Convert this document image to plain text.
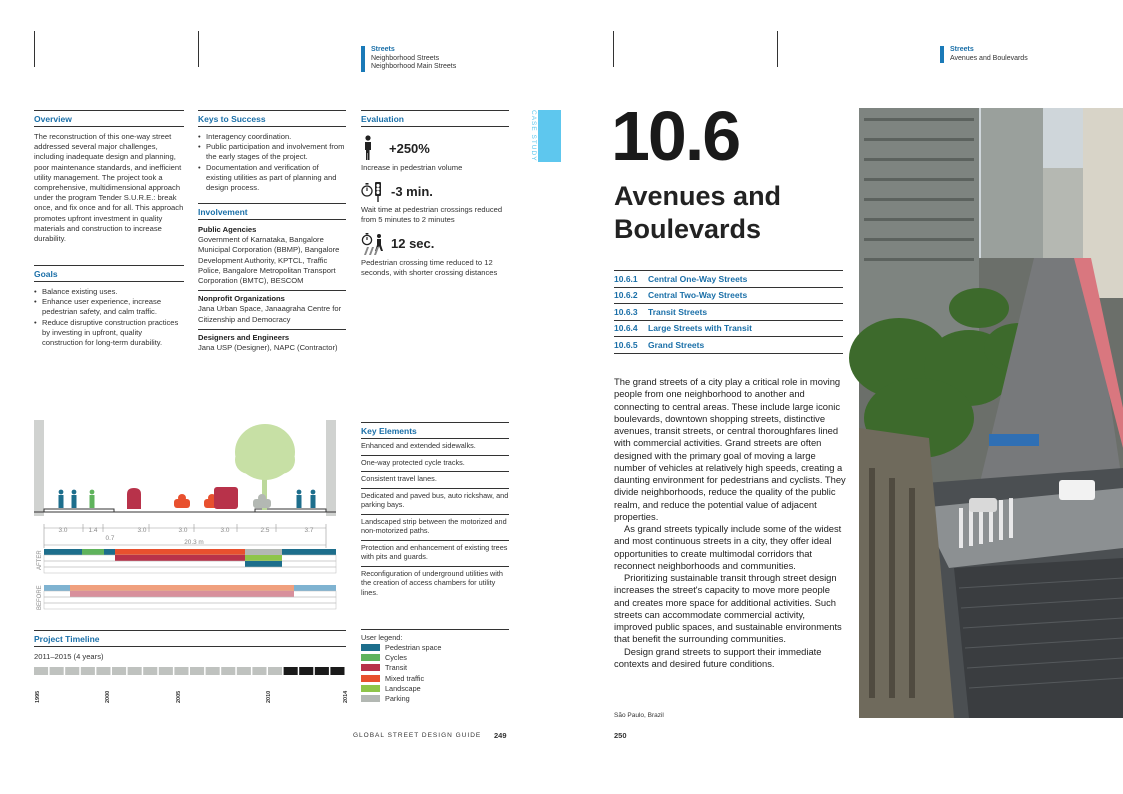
Streets
Neighborhood Streets
Neighborhood Main Streets
Streets
Avenues and Boulevards
Overview
The reconstruction of this one-way street addressed several major challenges, including inadequate design and planning, poor maintenance standards, and inefficient utility management. The project took a comprehensive, multidimensional approach under the program Tender S.U.R.E.: break once, and fix once and for all. This approach promotes upfront investment in quality materials and construction to increase durability.
Goals
• Balance existing uses.
• Enhance user experience, increase pedestrian safety, and calm traffic.
• Reduce disruptive construction practices by investing in upfront, quality construction for long-term durability.
Keys to Success
• Interagency coordination.
• Public participation and involvement from the early stages of the project.
• Documentation and verification of existing utilities as part of planning and design process.
Involvement
Public Agencies
Government of Karnataka, Bangalore Municipal Corporation (BBMP), Bangalore Development Authority, KPTCL, Traffic Police, Bangalore Metropolitan Transport Corporation (BMTC), BESCOM
Nonprofit Organizations
Jana Urban Space, Janaagraha Centre for Citizenship and Democracy
Designers and Engineers
Jana USP (Designer), NAPC (Contractor)
Evaluation
+250%
Increase in pedestrian volume
-3 min.
Wait time at pedestrian crossings reduced from 5 minutes to 2 minutes
12 sec.
Pedestrian crossing time reduced to 12 seconds, with shorter crossing distances
CASE STUDY
3.0	1.4	3.0	3.0	3.0	2.5	3.7
0.7
20.3 m
AFTER
BEFORE
Key Elements
Enhanced and extended sidewalks.
One-way protected cycle tracks.
Consistent travel lanes.
Dedicated and paved bus, auto rickshaw, and parking bays.
Landscaped strip between the motorized and non-motorized paths.
Protection and enhancement of existing trees with pits and guards.
Reconfiguration of underground utilities with the creation of access chambers for utility lines.
Project Timeline
2011–2015 (4 years)
1995	2000	2005	2010	2014
User legend:
Pedestrian space
Cycles
Transit
Mixed traffic
Landscape
Parking
GLOBAL STREET DESIGN GUIDE 249	250
10.6
Avenues and
Boulevards
10.6.1	Central One-Way Streets
10.6.2	Central Two-Way Streets
10.6.3	Transit Streets
10.6.4	Large Streets with Transit
10.6.5	Grand Streets

The grand streets of a city play a critical role in moving people from one neighborhood to another and connecting to central areas. These include large iconic boulevards, downtown shopping streets, distinctive avenues, transit streets, or central thoroughfares lined with commercial activities. Grand streets are often designed with the primary goal of moving a large number of vehicles at relatively high speeds, creating a daunting environment for pedestrians and cyclists. They divide neighborhoods, reduce the quality of the public realm, and reduce the potential value of adjacent properties.

As grand streets typically include some of the widest and most continuous streets in a city, they offer ideal opportunities to create multimodal corridors that reconnect neighborhoods and communities.

Prioritizing sustainable transit through street design increases the street's capacity to move more people and creates more space for additional activities. Such streets can accommodate commercial activity, improved public spaces, and sustainable environments that benefit the surrounding communities.

Design grand streets to support their immediate contexts and desired future conditions.

São Paulo, Brazil
